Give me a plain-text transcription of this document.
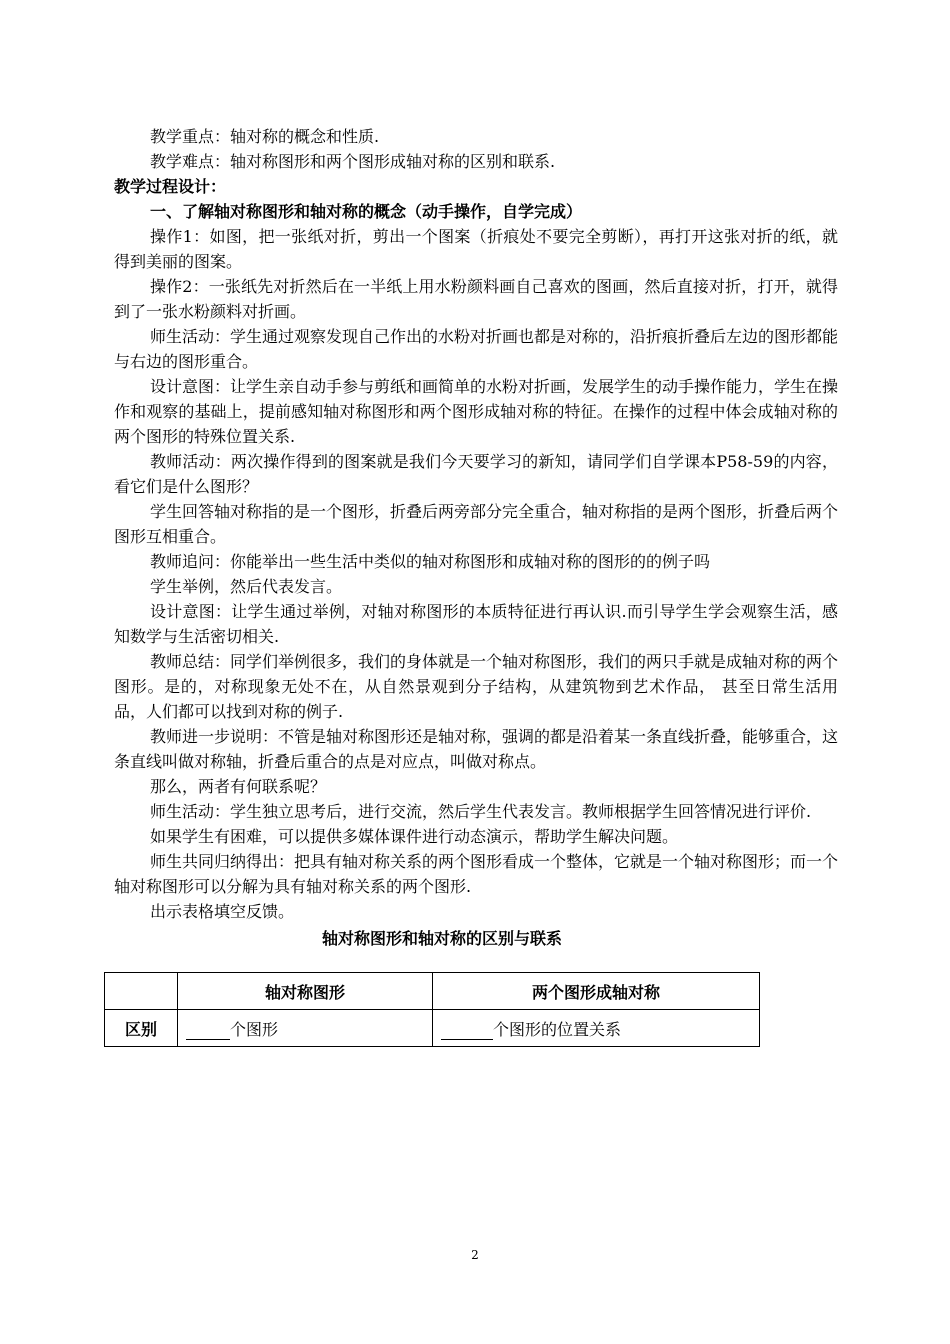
教学重点：轴对称的概念和性质.

教学难点：轴对称图形和两个图形成轴对称的区别和联系.

教学过程设计：

一、了解轴对称图形和轴对称的概念（动手操作，自学完成）

操作1：如图，把一张纸对折，剪出一个图案（折痕处不要完全剪断），再打开这张对折的纸，就得到美丽的图案。

操作2：一张纸先对折然后在一半纸上用水粉颜料画自己喜欢的图画，然后直接对折，打开，就得到了一张水粉颜料对折画。

师生活动：学生通过观察发现自己作出的水粉对折画也都是对称的，沿折痕折叠后左边的图形都能与右边的图形重合。

设计意图：让学生亲自动手参与剪纸和画简单的水粉对折画，发展学生的动手操作能力，学生在操作和观察的基础上，提前感知轴对称图形和两个图形成轴对称的特征。在操作的过程中体会成轴对称的两个图形的特殊位置关系.

教师活动：两次操作得到的图案就是我们今天要学习的新知，请同学们自学课本P58-59的内容，看它们是什么图形？

学生回答轴对称指的是一个图形，折叠后两旁部分完全重合，轴对称指的是两个图形，折叠后两个图形互相重合。

教师追问：你能举出一些生活中类似的轴对称图形和成轴对称的图形的的例子吗

学生举例，然后代表发言。

设计意图：让学生通过举例，对轴对称图形的本质特征进行再认识.而引导学生学会观察生活，感知数学与生活密切相关.

教师总结：同学们举例很多，我们的身体就是一个轴对称图形，我们的两只手就是成轴对称的两个图形。是的，对称现象无处不在，从自然景观到分子结构，从建筑物到艺术作品， 甚至日常生活用品，人们都可以找到对称的例子.

教师进一步说明：不管是轴对称图形还是轴对称，强调的都是沿着某一条直线折叠，能够重合，这条直线叫做对称轴，折叠后重合的点是对应点，叫做对称点。

那么，两者有何联系呢？

师生活动：学生独立思考后，进行交流，然后学生代表发言。教师根据学生回答情况进行评价.

如果学生有困难，可以提供多媒体课件进行动态演示，帮助学生解决问题。

师生共同归纳得出：把具有轴对称关系的两个图形看成一个整体，它就是一个轴对称图形；而一个轴对称图形可以分解为具有轴对称关系的两个图形.

出示表格填空反馈。

轴对称图形和轴对称的区别与联系

	轴对称图形	两个图形成轴对称
区别	个图形	个图形的位置关系
2
